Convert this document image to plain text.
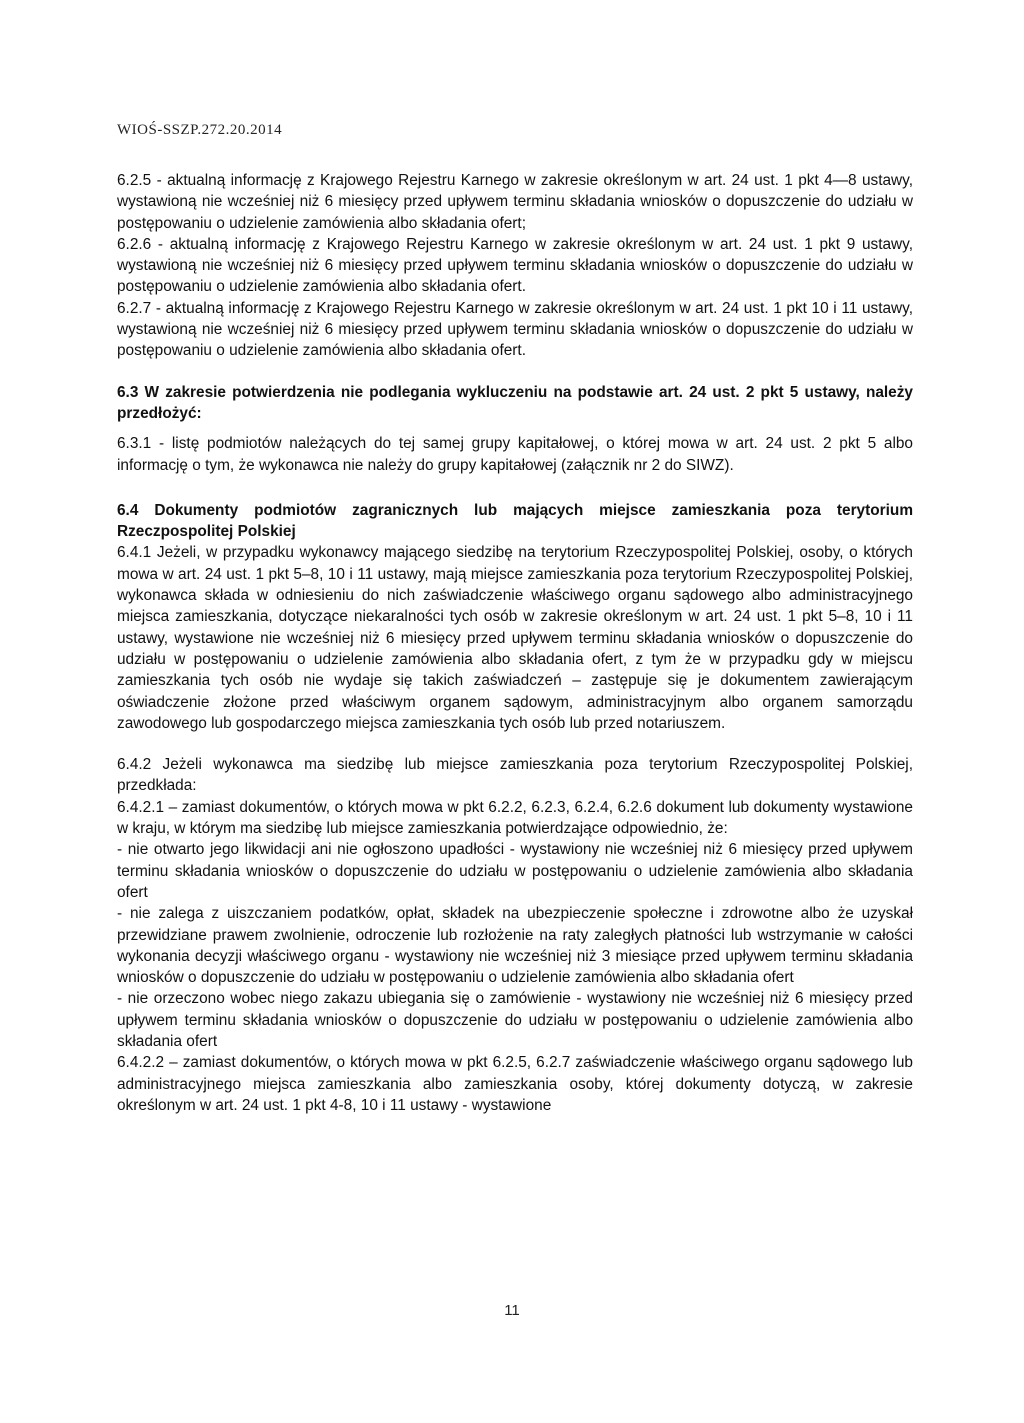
WIOŚ-SSZP.272.20.2014

6.2.5 - aktualną informację z Krajowego Rejestru Karnego w zakresie określonym w art. 24 ust. 1 pkt 4—8 ustawy, wystawioną nie wcześniej niż 6 miesięcy przed upływem terminu składania wniosków o dopuszczenie do udziału w postępowaniu o udzielenie zamówienia albo składania ofert;

6.2.6 - aktualną informację z Krajowego Rejestru Karnego w zakresie określonym w art. 24 ust. 1 pkt 9 ustawy, wystawioną nie wcześniej niż 6 miesięcy przed upływem terminu składania wniosków o dopuszczenie do udziału w postępowaniu o udzielenie zamówienia albo składania ofert.

6.2.7 - aktualną informację z Krajowego Rejestru Karnego w zakresie określonym w art. 24 ust. 1 pkt 10 i 11 ustawy, wystawioną nie wcześniej niż 6 miesięcy przed upływem terminu składania wniosków o dopuszczenie do udziału w postępowaniu o udzielenie zamówienia albo składania ofert.

6.3 W zakresie potwierdzenia nie podlegania wykluczeniu na podstawie art. 24 ust. 2 pkt 5 ustawy, należy przedłożyć:

6.3.1 - listę podmiotów należących do tej samej grupy kapitałowej, o której mowa w art. 24 ust. 2 pkt 5 albo informację o tym, że wykonawca nie należy do grupy kapitałowej (załącznik nr 2 do SIWZ).

6.4 Dokumenty podmiotów zagranicznych lub mających miejsce zamieszkania poza terytorium Rzeczpospolitej Polskiej

6.4.1 Jeżeli, w przypadku wykonawcy mającego siedzibę na terytorium Rzeczypospolitej Polskiej, osoby, o których mowa w art. 24 ust. 1 pkt 5–8, 10 i 11 ustawy, mają miejsce zamieszkania poza terytorium Rzeczypospolitej Polskiej, wykonawca składa w odniesieniu do nich zaświadczenie właściwego organu sądowego albo administracyjnego miejsca zamieszkania, dotyczące niekaralności tych osób w zakresie określonym w art. 24 ust. 1 pkt 5–8, 10 i 11 ustawy, wystawione nie wcześniej niż 6 miesięcy przed upływem terminu składania wniosków o dopuszczenie do udziału w postępowaniu o udzielenie zamówienia albo składania ofert, z tym że w przypadku gdy w miejscu zamieszkania tych osób nie wydaje się takich zaświadczeń – zastępuje się je dokumentem zawierającym oświadczenie złożone przed właściwym organem sądowym, administracyjnym albo organem samorządu zawodowego lub gospodarczego miejsca zamieszkania tych osób lub przed notariuszem.

6.4.2 Jeżeli wykonawca ma siedzibę lub miejsce zamieszkania poza terytorium Rzeczypospolitej Polskiej, przedkłada:

6.4.2.1 – zamiast dokumentów, o których mowa w pkt 6.2.2, 6.2.3, 6.2.4, 6.2.6 dokument lub dokumenty wystawione w kraju, w którym ma siedzibę lub miejsce zamieszkania potwierdzające odpowiednio, że:

- nie otwarto jego likwidacji ani nie ogłoszono upadłości - wystawiony nie wcześniej niż 6 miesięcy przed upływem terminu składania wniosków o dopuszczenie do udziału w postępowaniu o udzielenie zamówienia albo składania ofert

- nie zalega z uiszczaniem podatków, opłat, składek na ubezpieczenie społeczne i zdrowotne albo że uzyskał przewidziane prawem zwolnienie, odroczenie lub rozłożenie na raty zaległych płatności lub wstrzymanie w całości wykonania decyzji właściwego organu - wystawiony nie wcześniej niż 3 miesiące przed upływem terminu składania wniosków o dopuszczenie do udziału w postępowaniu o udzielenie zamówienia albo składania ofert

- nie orzeczono wobec niego zakazu ubiegania się o zamówienie - wystawiony nie wcześniej niż 6 miesięcy przed upływem terminu składania wniosków o dopuszczenie do udziału w postępowaniu o udzielenie zamówienia albo składania ofert

6.4.2.2 – zamiast dokumentów, o których mowa w pkt 6.2.5, 6.2.7 zaświadczenie właściwego organu sądowego lub administracyjnego miejsca zamieszkania albo zamieszkania osoby, której dokumenty dotyczą, w zakresie określonym w art. 24 ust. 1 pkt 4-8, 10 i 11 ustawy - wystawione

11
